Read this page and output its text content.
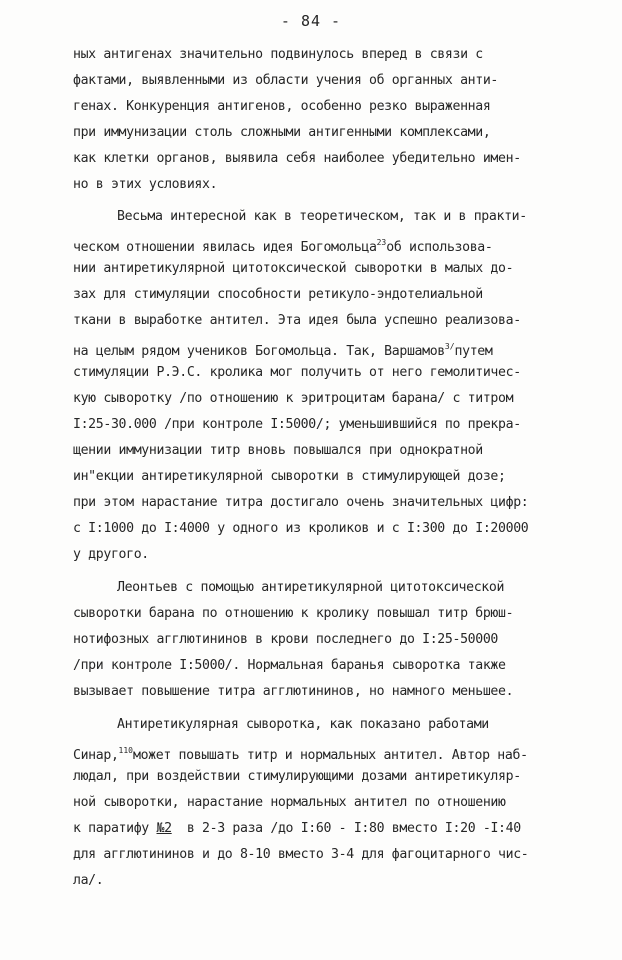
- 84 -
ных антигенах значительно подвинулось вперед в связи с
фактами, выявленными из области учения об органных анти-
генах. Конкуренция антигенов, особенно резко выраженная
при иммунизации столь сложными антигенными комплексами,
как клетки органов, выявила себя наиболее убедительно имен-
но в этих условиях.
Весьма интересной как в теоретическом, так и в практи-
ческом отношении явилась идея Богомольца$^{23}$об использова-
нии антиретикулярной цитотоксической сыворотки в малых до-
зах для стимуляции способности ретикуло-эндотелиальной
ткани в выработке антител. Эта идея была успешно реализова-
на целым рядом учеников Богомольца. Так, Варшамов$^{3/}$путем
стимуляции Р.Э.С. кролика мог получить от него гемолитичес-
кую сыворотку /по отношению к эритроцитам барана/ с титром
I:25-30.000 /при контроле I:5000/; уменьшившийся по прекра-
щении иммунизации титр вновь повышался при однократной
ин"екции антиретикулярной сыворотки в стимулирующей дозе;
при этом нарастание титра достигало очень значительных цифр:
с I:1000 до I:4000 у одного из кроликов и с I:300 до I:20000
у другого.
Леонтьев с помощью антиретикулярной цитотоксической
сыворотки барана по отношению к кролику повышал титр брюш-
нотифозных агглютининов в крови последнего до I:25-50000
/при контроле I:5000/. Нормальная баранья сыворотка также
вызывает повышение титра агглютининов, но намного меньшее.
Антиретикулярная сыворотка, как показано работами
Синар,$^{110}$может повышать титр и нормальных антител. Автор наб-
людал, при воздействии стимулирующими дозами антиретикуляр-
ной сыворотки, нарастание нормальных антител по отношению
к паратифу №2 в 2-3 раза /до I:60 - I:80 вместо I:20 -I:40
для агглютининов и до 8-10 вместо 3-4 для фагоцитарного чис-
ла/.
